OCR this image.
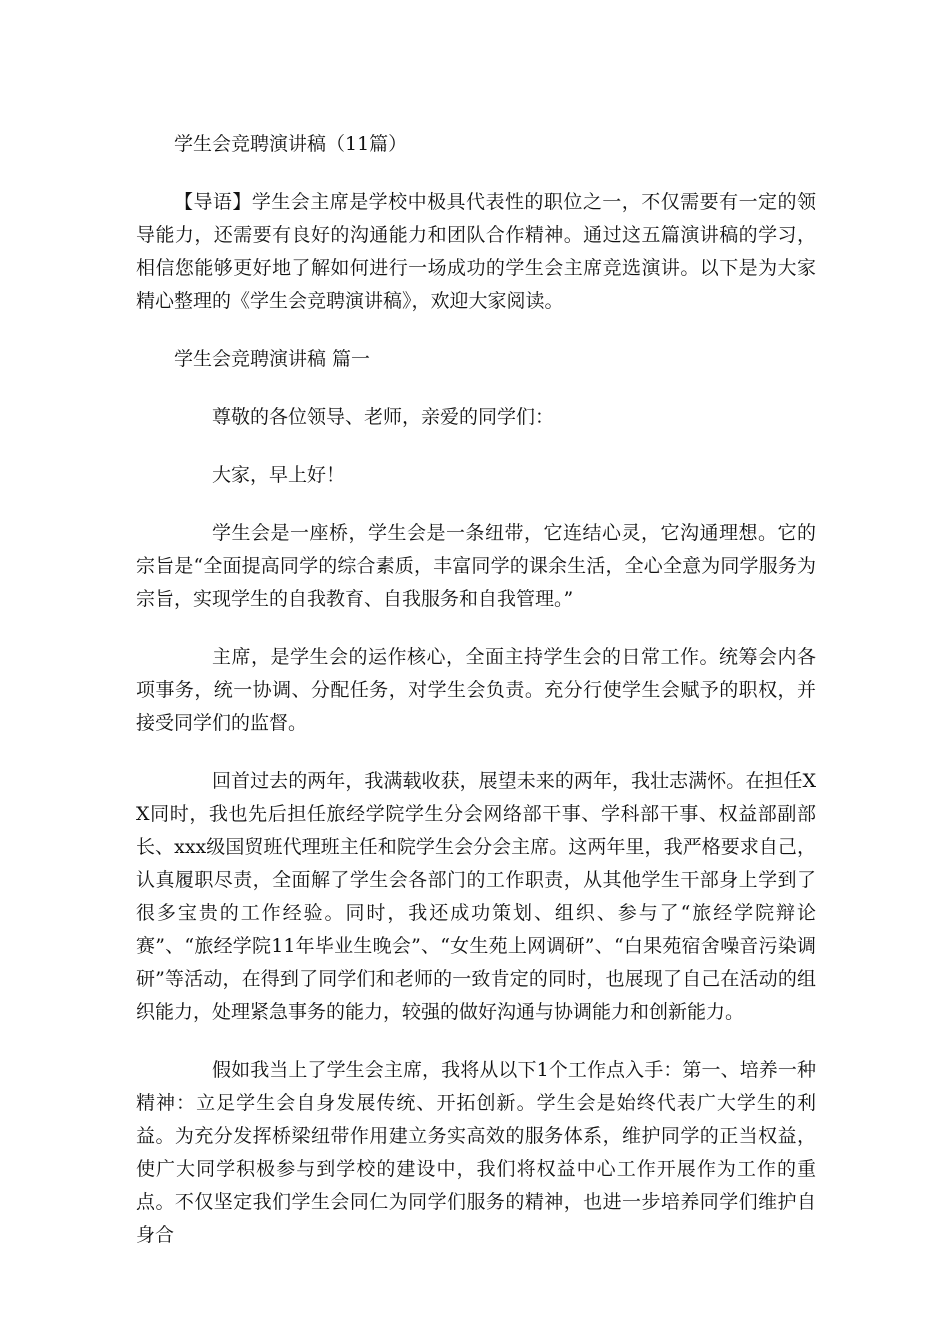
学生会竞聘演讲稿（11篇）

【导语】学生会主席是学校中极具代表性的职位之一，不仅需要有一定的领导能力，还需要有良好的沟通能力和团队合作精神。通过这五篇演讲稿的学习，相信您能够更好地了解如何进行一场成功的学生会主席竞选演讲。以下是为大家精心整理的《学生会竞聘演讲稿》，欢迎大家阅读。

学生会竞聘演讲稿 篇一

尊敬的各位领导、老师，亲爱的同学们：

大家，早上好！

学生会是一座桥，学生会是一条纽带，它连结心灵，它沟通理想。它的宗旨是“全面提高同学的综合素质，丰富同学的课余生活，全心全意为同学服务为宗旨，实现学生的自我教育、自我服务和自我管理。”

主席，是学生会的运作核心，全面主持学生会的日常工作。统筹会内各项事务，统一协调、分配任务，对学生会负责。充分行使学生会赋予的职权，并接受同学们的监督。

回首过去的两年，我满载收获，展望未来的两年，我壮志满怀。在担任XX同时，我也先后担任旅经学院学生分会网络部干事、学科部干事、权益部副部长、xxx级国贸班代理班主任和院学生会分会主席。这两年里，我严格要求自己，认真履职尽责，全面解了学生会各部门的工作职责，从其他学生干部身上学到了很多宝贵的工作经验。同时，我还成功策划、组织、参与了“旅经学院辩论赛”、“旅经学院11年毕业生晚会”、“女生苑上网调研”、“白果苑宿舍噪音污染调研”等活动，在得到了同学们和老师的一致肯定的同时，也展现了自己在活动的组织能力，处理紧急事务的能力，较强的做好沟通与协调能力和创新能力。

假如我当上了学生会主席，我将从以下1个工作点入手：第一、培养一种精神：立足学生会自身发展传统、开拓创新。学生会是始终代表广大学生的利益。为充分发挥桥梁纽带作用建立务实高效的服务体系，维护同学的正当权益，使广大同学积极参与到学校的建设中，我们将权益中心工作开展作为工作的重点。不仅坚定我们学生会同仁为同学们服务的精神，也进一步培养同学们维护自身合
